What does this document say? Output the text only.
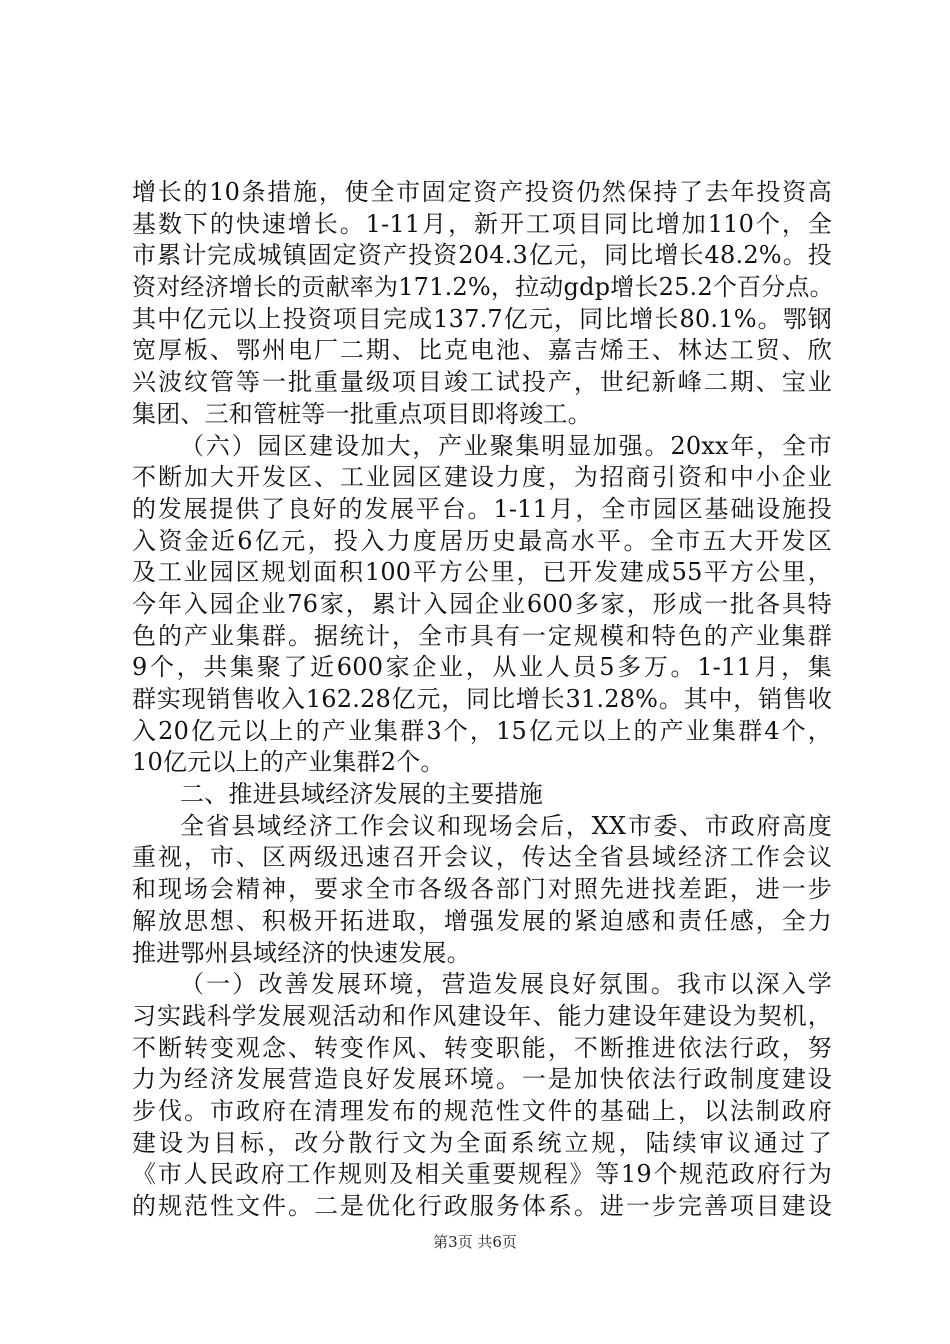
增长的10条措施，使全市固定资产投资仍然保持了去年投资高
基数下的快速增长。1-11月，新开工项目同比增加110个，全
市累计完成城镇固定资产投资204.3亿元，同比增长48.2%。投
资对经济增长的贡献率为171.2%，拉动gdp增长25.2个百分点。
其中亿元以上投资项目完成137.7亿元，同比增长80.1%。鄂钢
宽厚板、鄂州电厂二期、比克电池、嘉吉烯王、林达工贸、欣
兴波纹管等一批重量级项目竣工试投产，世纪新峰二期、宝业
集团、三和管桩等一批重点项目即将竣工。
（六）园区建设加大，产业聚集明显加强。20xx年，全市
不断加大开发区、工业园区建设力度，为招商引资和中小企业
的发展提供了良好的发展平台。1-11月，全市园区基础设施投
入资金近6亿元，投入力度居历史最高水平。全市五大开发区
及工业园区规划面积100平方公里，已开发建成55平方公里，
今年入园企业76家，累计入园企业600多家，形成一批各具特
色的产业集群。据统计，全市具有一定规模和特色的产业集群
9个，共集聚了近600家企业，从业人员5多万。1-11月，集
群实现销售收入162.28亿元，同比增长31.28%。其中，销售收
入20亿元以上的产业集群3个，15亿元以上的产业集群4个，
10亿元以上的产业集群2个。
二、推进县域经济发展的主要措施
全省县域经济工作会议和现场会后，XX市委、市政府高度
重视，市、区两级迅速召开会议，传达全省县域经济工作会议
和现场会精神，要求全市各级各部门对照先进找差距，进一步
解放思想、积极开拓进取，增强发展的紧迫感和责任感，全力
推进鄂州县域经济的快速发展。
（一）改善发展环境，营造发展良好氛围。我市以深入学
习实践科学发展观活动和作风建设年、能力建设年建设为契机，
不断转变观念、转变作风、转变职能，不断推进依法行政，努
力为经济发展营造良好发展环境。一是加快依法行政制度建设
步伐。市政府在清理发布的规范性文件的基础上，以法制政府
建设为目标，改分散行文为全面系统立规，陆续审议通过了
《市人民政府工作规则及相关重要规程》等19个规范政府行为
的规范性文件。二是优化行政服务体系。进一步完善项目建设
第3页 共6页
